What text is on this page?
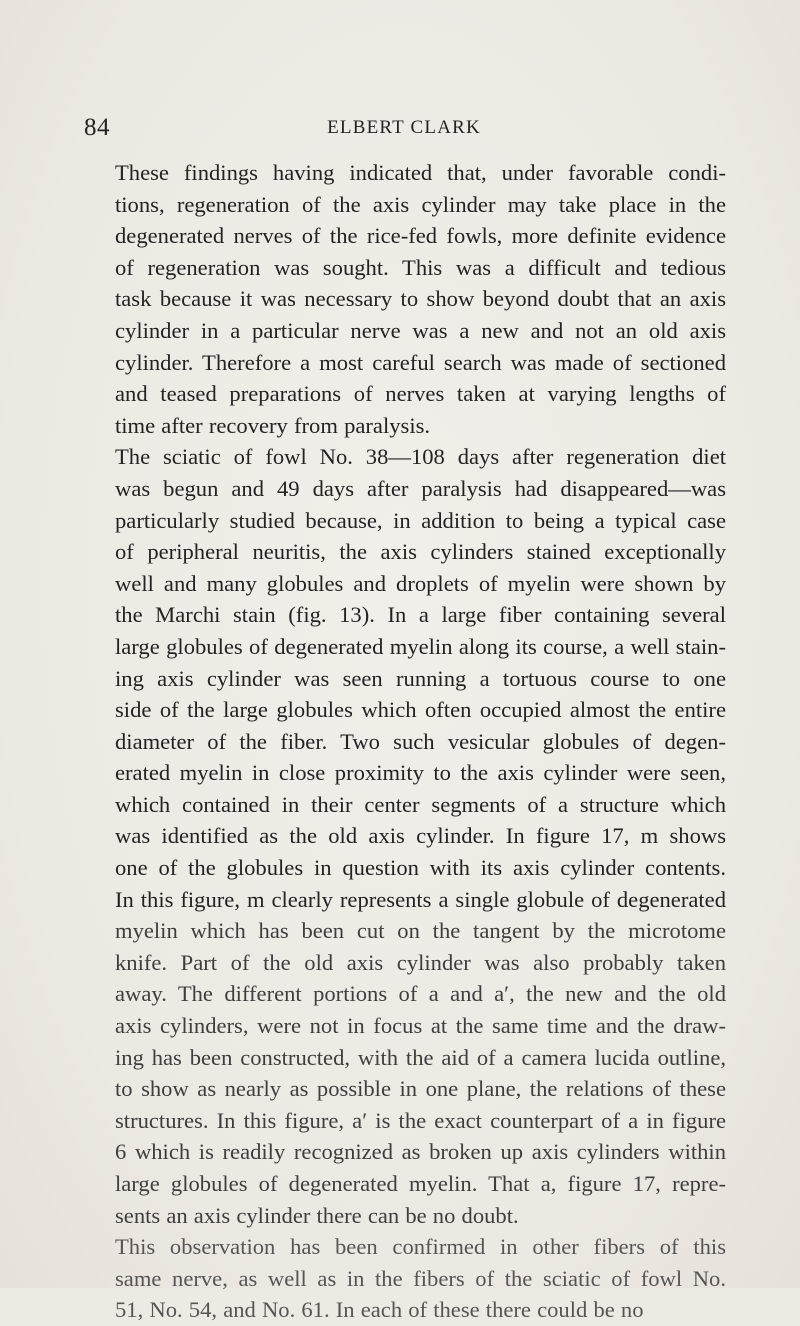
84	ELBERT CLARK

These findings having indicated that, under favorable condi-
tions, regeneration of the axis cylinder may take place in the
degenerated nerves of the rice-fed fowls, more definite evidence
of regeneration was sought. This was a difficult and tedious
task because it was necessary to show beyond doubt that an axis
cylinder in a particular nerve was a new and not an old axis
cylinder. Therefore a most careful search was made of sectioned
and teased preparations of nerves taken at varying lengths of
time after recovery from paralysis.

The sciatic of fowl No. 38—108 days after regeneration diet
was begun and 49 days after paralysis had disappeared—was
particularly studied because, in addition to being a typical case
of peripheral neuritis, the axis cylinders stained exceptionally
well and many globules and droplets of myelin were shown by
the Marchi stain (fig. 13). In a large fiber containing several
large globules of degenerated myelin along its course, a well stain-
ing axis cylinder was seen running a tortuous course to one
side of the large globules which often occupied almost the entire
diameter of the fiber. Two such vesicular globules of degen-
erated myelin in close proximity to the axis cylinder were seen,
which contained in their center segments of a structure which
was identified as the old axis cylinder. In figure 17, m shows
one of the globules in question with its axis cylinder contents.
In this figure, m clearly represents a single globule of degenerated
myelin which has been cut on the tangent by the microtome
knife. Part of the old axis cylinder was also probably taken
away. The different portions of a and a′, the new and the old
axis cylinders, were not in focus at the same time and the draw-
ing has been constructed, with the aid of a camera lucida outline,
to show as nearly as possible in one plane, the relations of these
structures. In this figure, a′ is the exact counterpart of a in figure
6 which is readily recognized as broken up axis cylinders within
large globules of degenerated myelin. That a, figure 17, repre-
sents an axis cylinder there can be no doubt.

This observation has been confirmed in other fibers of this
same nerve, as well as in the fibers of the sciatic of fowl No.
51, No. 54, and No. 61. In each of these there could be no
